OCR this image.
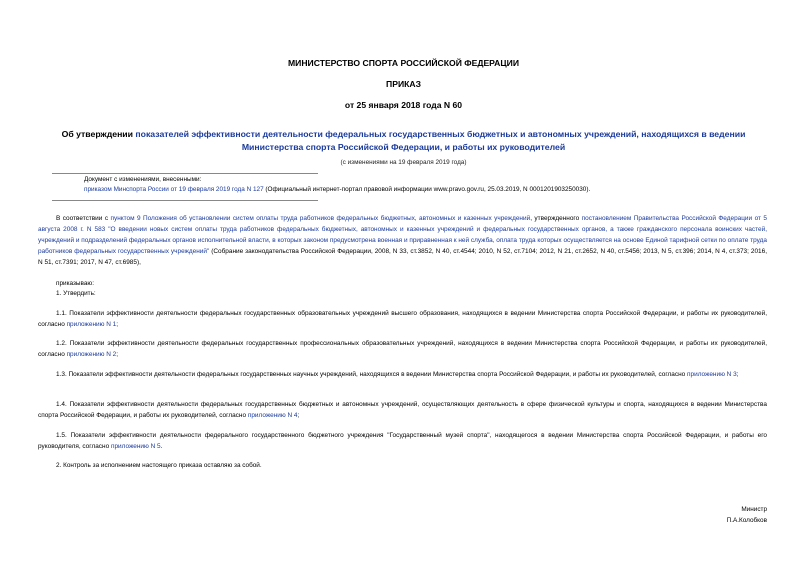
МИНИСТЕРСТВО СПОРТА РОССИЙСКОЙ ФЕДЕРАЦИИ
ПРИКАЗ
от 25 января 2018 года N 60
Об утверждении показателей эффективности деятельности федеральных государственных бюджетных и автономных учреждений, находящихся в ведении Министерства спорта Российской Федерации, и работы их руководителей
(с изменениями на 19 февраля 2019 года)
Документ с изменениями, внесенными:
приказом Минспорта России от 19 февраля 2019 года N 127 (Официальный интернет-портал правовой информации www.pravo.gov.ru, 25.03.2019, N 0001201903250030).
В соответствии с пунктом 9 Положения об установлении систем оплаты труда работников федеральных бюджетных, автономных и казенных учреждений, утвержденного постановлением Правительства Российской Федерации от 5 августа 2008 г. N 583 "О введении новых систем оплаты труда работников федеральных бюджетных, автономных и казенных учреждений и федеральных государственных органов, а также гражданского персонала воинских частей, учреждений и подразделений федеральных органов исполнительной власти, в которых законом предусмотрена военная и приравненная к ней служба, оплата труда которых осуществляется на основе Единой тарифной сетки по оплате труда работников федеральных государственных учреждений" (Собрание законодательства Российской Федерации, 2008, N 33, ст.3852, N 40, ст.4544; 2010, N 52, ст.7104; 2012, N 21, ст.2652, N 40, ст.5456; 2013, N 5, ст.396; 2014, N 4, ст.373; 2016, N 51, ст.7391; 2017, N 47, ст.6985),
приказываю:
1. Утвердить:
1.1. Показатели эффективности деятельности федеральных государственных образовательных учреждений высшего образования, находящихся в ведении Министерства спорта Российской Федерации, и работы их руководителей, согласно приложению N 1;
1.2. Показатели эффективности деятельности федеральных государственных профессиональных образовательных учреждений, находящихся в ведении Министерства спорта Российской Федерации, и работы их руководителей, согласно приложению N 2;
1.3. Показатели эффективности деятельности федеральных государственных научных учреждений, находящихся в ведении Министерства спорта Российской Федерации, и работы их руководителей, согласно приложению N 3;
1.4. Показатели эффективности деятельности федеральных государственных бюджетных и автономных учреждений, осуществляющих деятельность в сфере физической культуры и спорта, находящихся в ведении Министерства спорта Российской Федерации, и работы их руководителей, согласно приложению N 4;
1.5. Показатели эффективности деятельности федерального государственного бюджетного учреждения "Государственный музей спорта", находящегося в ведении Министерства спорта Российской Федерации, и работы его руководителя, согласно приложению N 5.
2. Контроль за исполнением настоящего приказа оставляю за собой.
Министр
П.А.Колобков
